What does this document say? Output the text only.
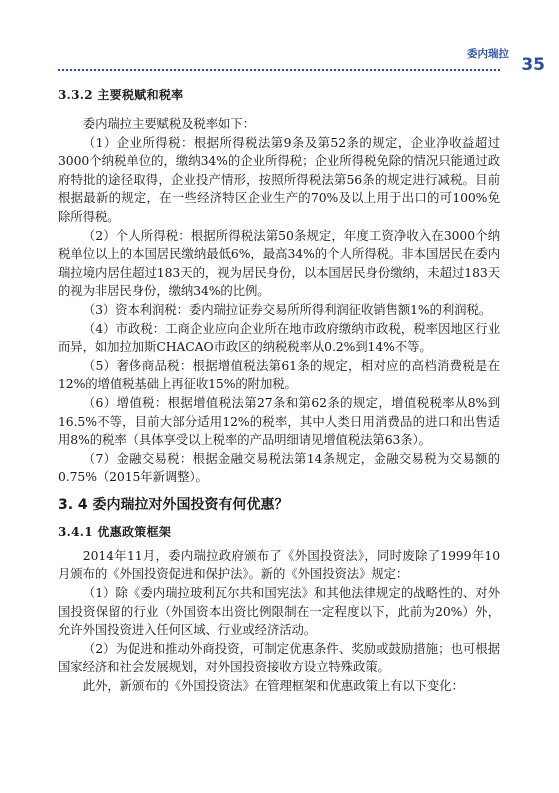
委内瑞拉
35
3.3.2 主要税赋和税率

委内瑞拉主要赋税及税率如下：

（1）企业所得税：根据所得税法第9条及第52条的规定，企业净收益超过3000个纳税单位的，缴纳34%的企业所得税；企业所得税免除的情况只能通过政府特批的途径取得，企业投产情形，按照所得税法第56条的规定进行减税。目前根据最新的规定，在一些经济特区企业生产的70%及以上用于出口的可100%免除所得税。

（2）个人所得税：根据所得税法第50条规定，年度工资净收入在3000个纳税单位以上的本国居民缴纳最低6%，最高34%的个人所得税。非本国居民在委内瑞拉境内居住超过183天的，视为居民身份，以本国居民身份缴纳，未超过183天的视为非居民身份，缴纳34%的比例。

（3）资本利润税：委内瑞拉证券交易所所得利润征收销售额1%的利润税。

（4）市政税：工商企业应向企业所在地市政府缴纳市政税，税率因地区行业而异，如加拉加斯CHACAO市政区的纳税税率从0.2%到14%不等。

（5）奢侈商品税：根据增值税法第61条的规定，相对应的高档消费税是在12%的增值税基础上再征收15%的附加税。

（6）增值税：根据增值税法第27条和第62条的规定，增值税税率从8%到16.5%不等，目前大部分适用12%的税率，其中人类日用消费品的进口和出售适用8%的税率（具体享受以上税率的产品明细请见增值税法第63条）。

（7）金融交易税：根据金融交易税法第14条规定，金融交易税为交易额的0.75%（2015年新调整）。

3. 4 委内瑞拉对外国投资有何优惠？
3.4.1 优惠政策框架

2014年11月，委内瑞拉政府颁布了《外国投资法》，同时废除了1999年10月颁布的《外国投资促进和保护法》。新的《外国投资法》规定：

（1）除《委内瑞拉玻利瓦尔共和国宪法》和其他法律规定的战略性的、对外国投资保留的行业（外国资本出资比例限制在一定程度以下，此前为20%）外，允许外国投资进入任何区域、行业或经济活动。

（2）为促进和推动外商投资，可制定优惠条件、奖励或鼓励措施；也可根据国家经济和社会发展规划，对外国投资接收方设立特殊政策。

此外，新颁布的《外国投资法》在管理框架和优惠政策上有以下变化：
